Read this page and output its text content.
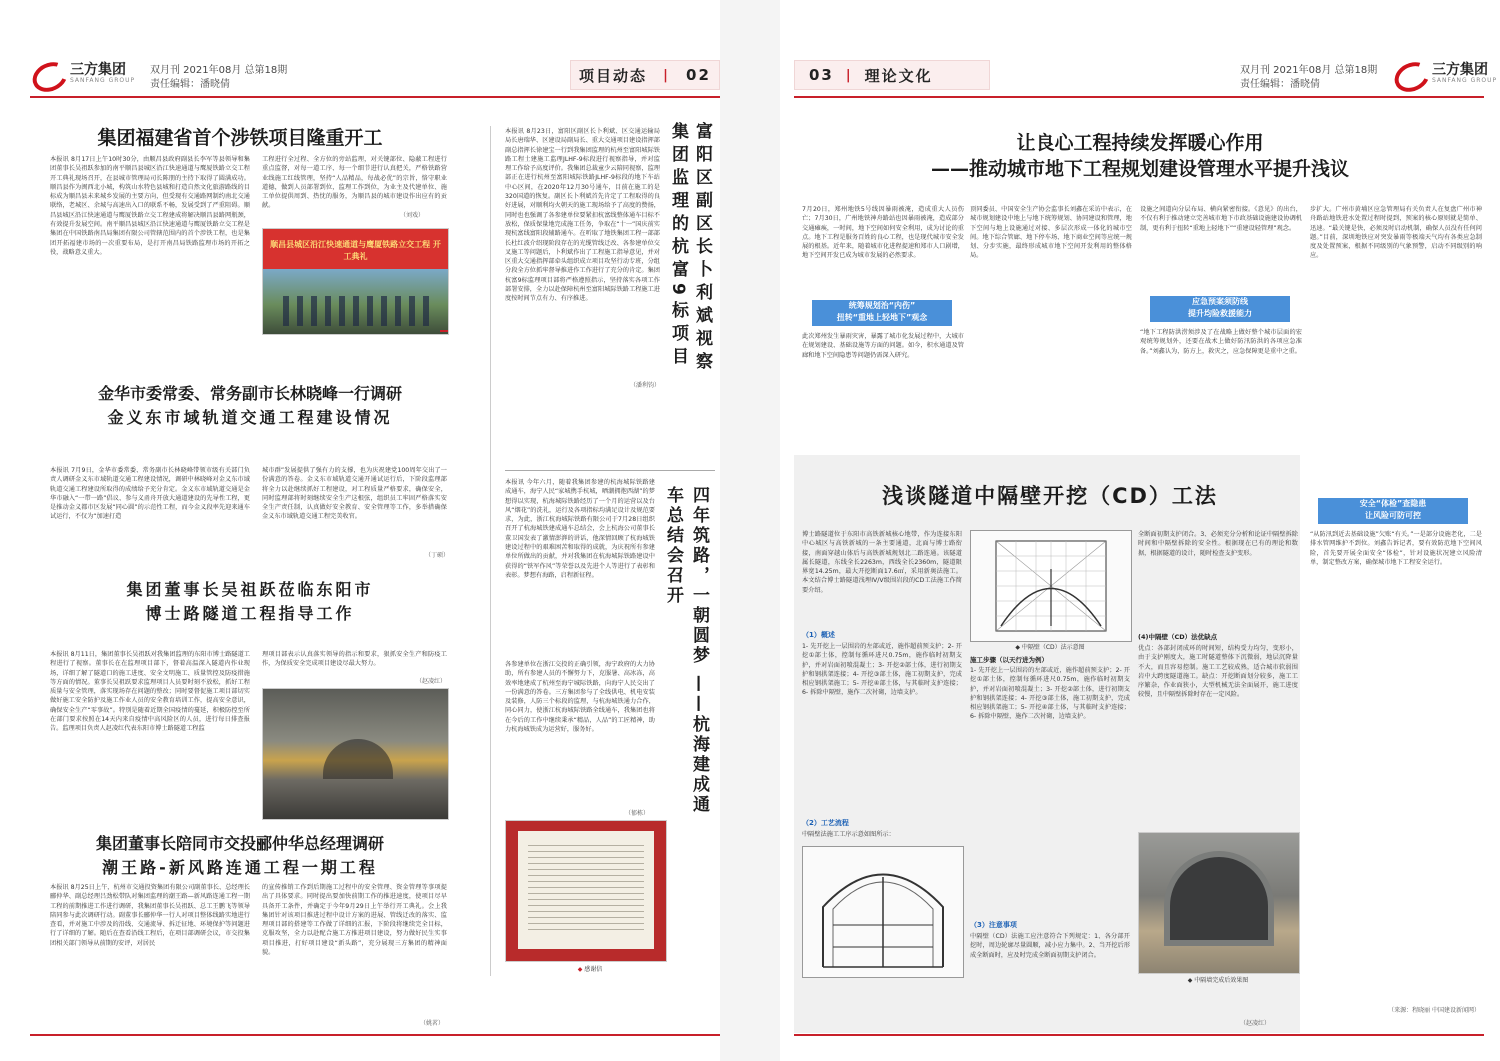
三方集团
SANFANG GROUP
双月刊 2021年08月 总第18期
责任编辑：潘晓倩	项目动态 | 02
集团福建省首个涉铁项目隆重开工
本报讯 8月17日上午10时30分，由顺昌县政府副县长李军等县领导和集团董事长吴祖跃参加的南平顺昌县城区沿江快速通道与鹰厦铁路立交工程开工典礼现场召开，在县城市管理局司长陈朋的主持下取得了圆满成功。顺昌县作为闽西北小城，构筑山水特色县城和打造自然文化旅游路线的目标成为顺昌县未来城乡发展的主要方向，但受现有交通路网制约南北交通联络，老城区、余城与高速出入口的联系不畅，发展受到了严重阻碍。顺昌县城区沿江快速通道与鹰厦铁路立交工程建成将解决顺昌县路网瓶颈，有效提升发展空间。南平顺昌县城区沿江快速通道与鹰厦铁路立交工程是集团在中国铁路南昌局集团有限公司管辖范围内的首个涉铁工程，也是集团开拓福建市场的一次重要布局，是打开南昌局铁路监理市场的开拓之役，战略意义重大。
工程进行全过程、全方位的旁站监理，对关键部位、隐蔽工程进行重点监督，对每一道工序、每一个细节进行认真把关，严格铁路营业线施工红线管理，坚持“人品精品，每战必优”的宗旨，恪守职业道德，做到人员部署到位，监理工作到位，为业主及代建单位、施工单位提供周到、热忱的服务，为顺昌县的城市建设作出应有的贡献。
（刘戏）
顺昌县城区沿江快速通道与鹰厦铁路立交工程 开工典礼
金华市委常委、常务副市长林晓峰一行调研
金义东市域轨道交通工程建设情况
本报讯 7月9日，金华市委常委、常务副市长林晓峰带领市级有关部门负责人调研金义东市域轨道交通工程建设情况，调研中林晓峰对金义东市域轨道交通工程建设所取得的成绩给予充分肯定。金义东市域轨道交通是金华市融入“一带一路”倡议、参与义甬舟开放大通道建设的先导性工程，更是推动金义都市区发展“同心圆”的示范性工程，而今金义段率先迎来通车试运行，不仅为“加速打造
城市群”发展提供了强有力的支撑，也为庆祝建党100周年交出了一份满意的答卷。金义东市域轨道交通开通试运行后，下阶段监理部将全力以赴继续抓好工程建设，对工程质量严格要求，确保安全，同时监理部将时刻继续安全生产这根弦，组织员工牢固严格落实安全生产责任制，认真做好安全教育、安全管理等工作，多举措确保金义东市域轨道交通工程完美收官。
（丁硕）
集团董事长吴祖跃莅临东阳市
博士路隧道工程指导工作
本报讯 8月11日，集团董事长吴祖跃对我集团监理的东阳市博士路隧道工程进行了视察。董事长在在监理项目部下，督着高温深入隧道内作业现场，详细了解了隧道口的施工进度、安全文明施工、质量管控及防疫措施等方面的情况。董事长吴祖跃要求监理项目人员要时刻不放松，抓好工程质量与安全管理，落实现场存在问题的整改；同时要督促施工项目部切实做好施工安全防护及施工作业人员的安全教育培训工作，提高安全意识，确保安全生产“零事故”。特别是随着近期全国疫情的蔓延，积极防控至所在部门要求按照在14天内来自疫情中高风险区的人员，进行每日排查报告。监理项目负责人赵凌红代表东阳市博士路隧道工程监
理项目部表示认真落实领导的指示和要求，狠抓安全生产和防疫工作，为保质安全完成项目建设尽最大努力。
（赵凌红）
集团董事长陪同市交投郦仲华总经理调研
潮王路-新风路连通工程一期工程
本报讯 8月25日上午，杭州市交通投资集团有限公司副董事长、总经理长郦仲华、副总经理吕劲松带队对集团监理的潮王路—新风路连通工程一期工程的前期推进工作进行调研，我集团董事长吴祖跃、总工王鹏飞等领导陪同参与此次调研行动。副董事长郦仲华一行人对项目整体线路实地进行查看，并对施工中涉及的沿线、交通流导、拆迁征地、环境保护等问题进行了详细的了解。随后在查看沿线工程后，在项目部调研会议，市交投集团相关部门领导从前期的安评，对居民
的宣传推销工作到后期施工过程中的安全管理、资金管理等事项提出了具体要求。同时提出要加快前期工作的推进速度，使项目尽早具备开工条件，并确定于今年9月29日上午举行开工典礼。会上我集团针对该项目推进过程中设计方案的进展、管线迁改的落实、监理项目部的搭建等工作做了详细的汇报，下阶段将继续完全目标，克服攻坚，全力以赴配合施工方推进项目建设，努力做好民生实事项目推进，打好项目建设“新头路”，充分展现三方集团的精神面貌。
（姚茗）
本报讯 8月23日，富阳区副区长卜利斌、区交通运输局局长唐瑞华、区建设局副局长、重大交通项目建设指挥部副总指挥长徐建宝一行到我集团监理的杭州至富阳城际铁路工程土建施工监理JLHF-9标段进行视察指导，并对监理工作给予高度评价。我集团总裁童少云陪同视察，监理部正在进行杭州至富阳城际铁路JLHF-9标段的地下车站中心区间，在2020年12月30号通车，目前在施工的是320国道的恢复。副区长卜利斌首先肯定了工程取得的良好进展，对顺利均火朝天的施工现场给予了高度的赞扬，同时也也强调了各参建单位要紧扣杭富线整体通车目标不放松，保质保量地完成施工任务，争取在“十一”国庆前实现杭富线富阳段辅路通车。在听取了地铁集团工程一部部长杜红波介绍现阶段存在的光缆管线迁改、各参建单位交叉施工等问题后，卜利斌作出了工程施工指导意见，并对区重大交通指挥部牵头组织成立项目攻坚行动专班，分组分段全方位抓牢督导推进作工作进行了充分的肯定。集团杭富9标监理项目部将严格遵照指示，坚持落实各项工作部署安排，全力以赴保障杭州至富阳城际铁路工程施工进度按时间节点有力、有序推进。	富阳区副区长卜利斌视察 集团监理的杭富9标项目
（潘利钧）
本报讯 今年六月，随着我集团参建的杭海城际铁路建成通车，海宁人民“家城携手杭城，晒潮拥抱西湖”的梦想得以实现，杭海城际铁路经历了一个月的运营以及台风“烟花”的洗礼，运行及各项指标均满足设计及规范要求，为此，浙江杭海城际铁路有限公司于7月28日组织召开了杭海城铁建成通车总结会，会上杭海公司董事长董卫国发表了激情澎湃的讲话，他深情回顾了杭海城铁建设过程中的艰难困苦和取得的成就，为庆祝所有参建单位所做出的贡献，并对我集团在杭海城际铁路建设中获得的“铁军作风”等荣誉以及先进个人等进行了表彰和表彰。梦想有海路，启程新征程。	四年筑路，一朝圆梦 ——杭海建成通车总结会召开
各参建单位在浙江交投的正确引领，海宁政府的大力协助，所有参建人员的不懈努力下，克服暑、高冰冻，高效率地建成了杭州至海宁城际铁路，向海宁人民交出了一份满意的答卷。三方集团参与了全线供电、机电安装及装修，人防三个标段的监理，与杭海城铁通力合作，同心同力，使浙江杭海城际铁路全线通车，我集团也将在今后的工作中继续秉承“精品，人品”的工匠精神，助力杭海城铁成为运营好，服务好。
（郁栋）
◆ 感谢信
03 | 理论文化	双月刊 2021年08月 总第18期
责任编辑：潘晓倩
三方集团
SANFANG GROUP
让良心工程持续发挥暖心作用
——推动城市地下工程规划建设管理水平提升浅议
7月20日，郑州地铁5号线因暴雨被淹，造成重大人员伤亡；7月30日，广州地铁神舟路站也因暴雨被淹，造成部分交通瘫痪，一时间，地下空间如何安全利用，成为讨论的重点。地下工程是服务百姓的良心工程，也是现代城市安全发展的根基。近年来，随着城市化进程提速和郑市人口剧增，地下空间开发已成为城市发展的必然要求。
统筹规划治“内伤”
扭转“重地上轻地下”观念
此次郑州发生暴雨灾害，暴露了城市化发展过程中，大城市在规划建设、基础设施等方面的问题。如今，积水通道及管廊和地下空间隐患等问题仍需深入研究。
顶同委员、中国安全生产协会监事长刘鑫在采访中表示，在城市规划建设中地上与地下统筹规划、协同建设和管理，地下空间与地上设施通过对接、多层次形成一体化的城市空间。地下综合管廊、地下停车场、地下商业空间等应统一规划、分步实施，最终形成城市地下空间开发利用的整体格局。
设施之间道向分层布局、横向紧密衔接。《意见》的出台，不仅有利于推动建立完善城市地下市政基础设施建设协调机制，更有利于扭转“重地上轻地下”“重建设轻管理”观念。
应急预案须防线
提升均险救援能力
“地下工程防洪涝须涉及了在战略上做好整个城市层面的宏观统筹规划外，还要在战术上做好防汛防洪的各项应急准备。”刘鑫认为，防方上，救灾之，应急保障更是重中之重。
步扩大。广州市黄埔区应急管理局有关负责人在复盘广州市神舟路站地铁进水处置过程时提到，预案的核心原则就是简单、迅速。“最关键是快，必须及时启动机制，确保人员没有任何问题。”目前，深圳地铁应对突发暴雨等极端天气均有各类应急制度及处置预案，根据不同级别的气象预警，启动不同级别的响应。
安全“体检”查隐患
让风险可防可控
“从防汛到近去基础设施”欠账“有关。”一是部分设施老化，二是排水管网维护不到位。刘鑫告诉记者，要有效防范地下空间风险，首先要开展全面安全“体检”，针对设施状况建立风险清单，制定整改方案，确保城市地下工程安全运行。
（来源：程晓丽 中国建设新闻网）
浅谈隧道中隔壁开挖（CD）工法
博士路隧道位于东阳市高铁新城核心地带，作为连接东阳中心城区与高铁新城的一条主要通道，北面与博士路衔接，南面穿越山体后与高铁新城规划北二路连通。该隧道属长隧道，东线全长2263m，西线全长2360m，隧道限界宽14.25m，最大开挖断面17.6㎡，采用新奥法施工。本文结合博士路隧道浅埋IV/V级围岩段的CD工法施工作简要介绍。
（1）概述
1- 先开挖上一层围岩的左部或近，施作超前预支护；2- 开挖①部土体，控制每循环进尺0.75m，施作临时初期支护，并对岩面初喷混凝土；3- 开挖②部土体，进行初期支护和钢拱架连接；4- 开挖③部土体，施工初期支护，完成相应钢拱架施工；5- 开挖④部土体，与其临时支护连接；6- 拆除中隔壁，施作二次衬砌，边墙支护。
（2）工艺流程
中隔壁法施工工序示意如图所示：
◆ 中隔壁（CD）法示意图
施工步骤（以天行进为例）
1- 先开挖上一层围岩的左部或近，施作超前预支护；2- 开挖①部土体，控制每循环进尺0.75m，施作临时初期支护，并对岩面初喷混凝土；3- 开挖②部土体，进行初期支护和钢拱架连接；4- 开挖③部土体，施工初期支护，完成相应钢拱架施工；5- 开挖④部土体，与其临时支护连接；6- 拆除中隔壁，施作二次衬砌，边墙支护。
（3）注意事项
中隔壁（CD）法施工应注意符合下列规定：1、各分部开挖时，周边轮廓尽量圆顺，减小应力集中。2、当开挖后形成全断面时，应及时完成全断面初期支护闭合。
全断面初期支护闭合。3、必须充分分析和论证中隔壁拆除时间和中隔壁拆除的安全性。根据现在已有的理论和数据，根据隧道的设计，随时检查支护变形。
(4)中隔壁（CD）法优缺点
优点：各部封闭成环的时间短，结构受力均匀，变形小，由于支护刚度大，施工时隧道整体下沉微弱，地层沉降量不大，而且容易控制。施工工艺较成熟，适合城市软弱围岩中大跨度隧道施工。缺点：开挖断面划分较多，施工工序繁杂，作业面狭小，大型机械无法全面展开，施工进度较慢，且中隔壁拆除时存在一定风险。
◆ 中隔墙完成后效果图
（赵凌红）
